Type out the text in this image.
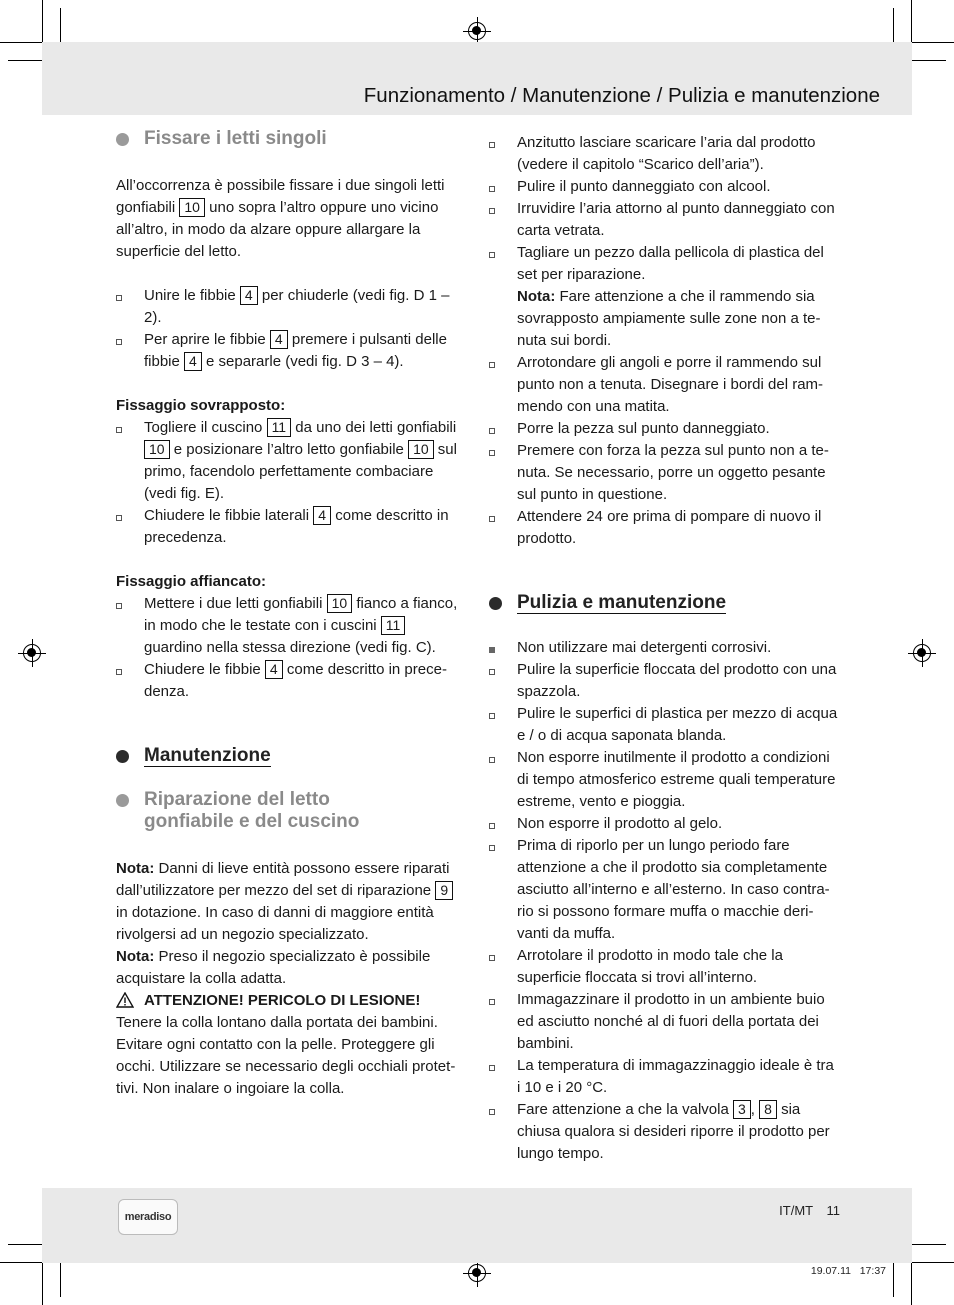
Funzionamento / Manutenzione / Pulizia e manutenzione
Fissare i letti singoli

All’occorrenza è possibile fissare i due singoli letti gonfiabili 10 uno sopra l’altro oppure uno vicino all’altro, in modo da alzare oppure allargare la superficie del letto.

Unire le fibbie 4 per chiuderle (vedi fig. D 1 – 2).
Per aprire le fibbie 4 premere i pulsanti delle fibbie 4 e separarle (vedi fig. D 3 – 4).

Fissaggio sovrapposto:

Togliere il cuscino 11 da uno dei letti gonfiabili 10 e posizionare l’altro letto gonfiabile 10 sul primo, facendolo perfettamente combaciare (vedi fig. E).
Chiudere le fibbie laterali 4 come descritto in precedenza.

Fissaggio affiancato:

Mettere i due letti gonfiabili 10 fianco a fianco, in modo che le testate con i cuscini 11 guardino nella stessa direzione (vedi fig. C).
Chiudere le fibbie 4 come descritto in precedenza.
Manutenzione
Riparazione del letto gonfiabile e del cuscino

Nota: Danni di lieve entità possono essere riparati dall’utilizzatore per mezzo del set di riparazione 9 in dotazione. In caso di danni di maggiore entità rivolgersi ad un negozio specializzato.

Nota: Preso il negozio specializzato è possibile acquistare la colla adatta.

ATTENZIONE! PERICOLO DI LESIONE!

Tenere la colla lontano dalla portata dei bambini. Evitare ogni contatto con la pelle. Proteggere gli occhi. Utilizzare se necessario degli occhiali protettivi. Non inalare o ingoiare la colla.

Anzitutto lasciare scaricare l’aria dal prodotto (vedere il capitolo “Scarico dell’aria”).
Pulire il punto danneggiato con alcool.
Irruvidire l’aria attorno al punto danneggiato con carta vetrata.
Tagliare un pezzo dalla pellicola di plastica del set per riparazione.
Nota: Fare attenzione a che il rammendo sia sovrapposto ampiamente sulle zone non a tenuta sui bordi.
Arrotondare gli angoli e porre il rammendo sul punto non a tenuta. Disegnare i bordi del rammendo con una matita.
Porre la pezza sul punto danneggiato.
Premere con forza la pezza sul punto non a tenuta. Se necessario, porre un oggetto pesante sul punto in questione.
Attendere 24 ore prima di pompare di nuovo il prodotto.
Pulizia e manutenzione
Non utilizzare mai detergenti corrosivi.
Pulire la superficie floccata del prodotto con una spazzola.
Pulire le superfici di plastica per mezzo di acqua e / o di acqua saponata blanda.
Non esporre inutilmente il prodotto a condizioni di tempo atmosferico estreme quali temperature estreme, vento e pioggia.
Non esporre il prodotto al gelo.
Prima di riporlo per un lungo periodo fare attenzione a che il prodotto sia completamente asciutto all’interno e all’esterno. In caso contrario si possono formare muffa o macchie derivanti da muffa.
Arrotolare il prodotto in modo tale che la superficie floccata si trovi all’interno.
Immagazzinare il prodotto in un ambiente buio ed asciutto nonché al di fuori della portata dei bambini.
La temperatura di immagazzinaggio ideale è tra i 10 e i 20 °C.
Fare attenzione a che la valvola 3 , 8 sia chiusa qualora si desideri riporre il prodotto per lungo tempo.
meradiso	IT/MT 11
19.07.11   17:37
